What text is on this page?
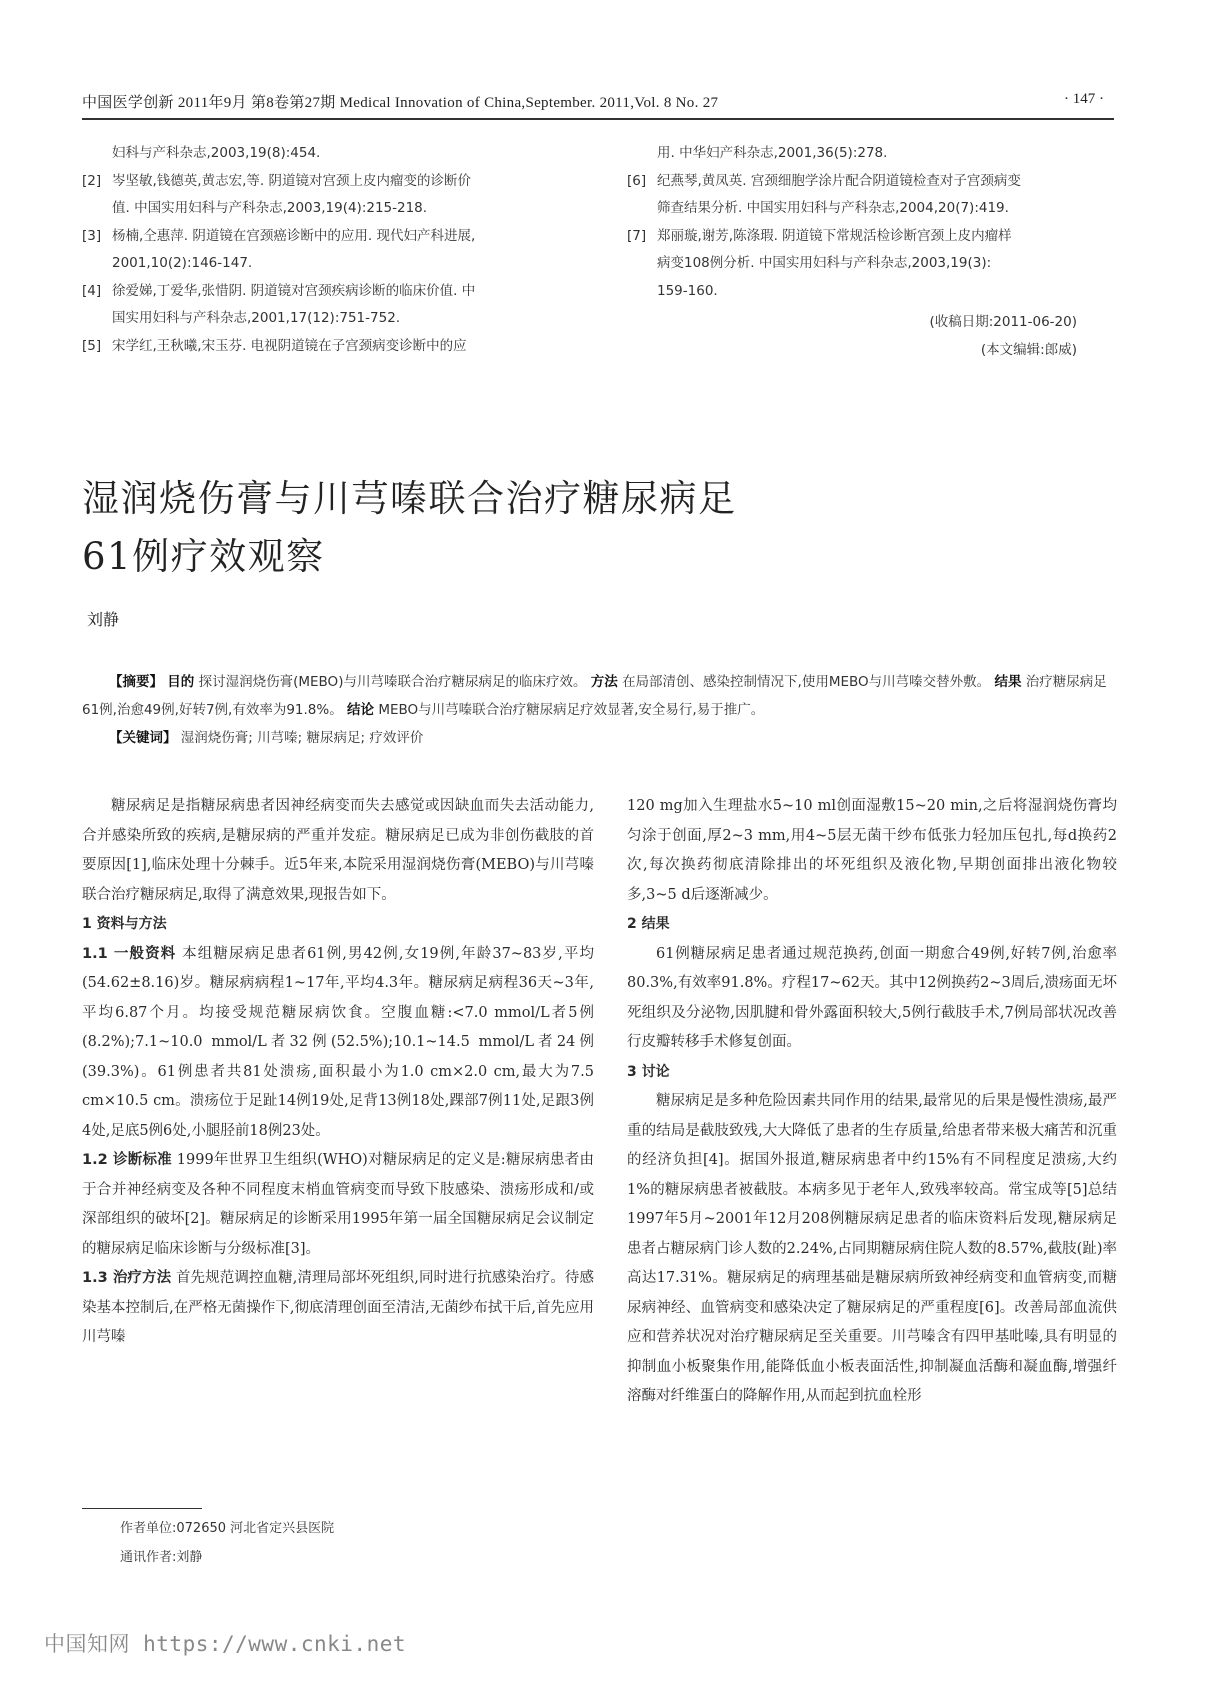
中国医学创新 2011年9月 第8卷第27期 Medical Innovation of China,September. 2011,Vol. 8 No. 27	· 147 ·
妇科与产科杂志,2003,19(8):454.
[2] 岑坚敏,钱德英,黄志宏,等. 阴道镜对宫颈上皮内瘤变的诊断价
值. 中国实用妇科与产科杂志,2003,19(4):215-218.
[3] 杨楠,仝惠萍. 阴道镜在宫颈癌诊断中的应用. 现代妇产科进展,
2001,10(2):146-147.
[4] 徐爱娣,丁爱华,张惜阴. 阴道镜对宫颈疾病诊断的临床价值. 中
国实用妇科与产科杂志,2001,17(12):751-752.
[5] 宋学红,王秋曦,宋玉芬. 电视阴道镜在子宫颈病变诊断中的应
用. 中华妇产科杂志,2001,36(5):278.
[6] 纪燕琴,黄凤英. 宫颈细胞学涂片配合阴道镜检查对子宫颈病变
筛查结果分析. 中国实用妇科与产科杂志,2004,20(7):419.
[7] 郑丽璇,谢芳,陈涤瑕. 阴道镜下常规活检诊断宫颈上皮内瘤样
病变108例分析. 中国实用妇科与产科杂志,2003,19(3):
159-160.
(收稿日期:2011-06-20)
(本文编辑:郎威)
湿润烧伤膏与川芎嗪联合治疗糖尿病足
61例疗效观察
刘静

【摘要】 目的 探讨湿润烧伤膏(MEBO)与川芎嗪联合治疗糖尿病足的临床疗效。 方法 在局部清创、感染控制情况下,使用MEBO与川芎嗪交替外敷。 结果 治疗糖尿病足61例,治愈49例,好转7例,有效率为91.8%。 结论 MEBO与川芎嗪联合治疗糖尿病足疗效显著,安全易行,易于推广。

【关键词】 湿润烧伤膏; 川芎嗪; 糖尿病足; 疗效评价

糖尿病足是指糖尿病患者因神经病变而失去感觉或因缺血而失去活动能力,合并感染所致的疾病,是糖尿病的严重并发症。糖尿病足已成为非创伤截肢的首要原因[1],临床处理十分棘手。近5年来,本院采用湿润烧伤膏(MEBO)与川芎嗪联合治疗糖尿病足,取得了满意效果,现报告如下。

1 资料与方法

1.1 一般资料 本组糖尿病足患者61例,男42例,女19例,年龄37~83岁,平均(54.62±8.16)岁。糖尿病病程1~17年,平均4.3年。糖尿病足病程36天~3年,平均6.87个月。均接受规范糖尿病饮食。空腹血糖:<7.0 mmol/L者5例(8.2%);7.1~10.0 mmol/L者32例(52.5%);10.1~14.5 mmol/L者24例(39.3%)。61例患者共81处溃疡,面积最小为1.0 cm×2.0 cm,最大为7.5 cm×10.5 cm。溃疡位于足趾14例19处,足背13例18处,踝部7例11处,足跟3例4处,足底5例6处,小腿胫前18例23处。

1.2 诊断标准 1999年世界卫生组织(WHO)对糖尿病足的定义是:糖尿病患者由于合并神经病变及各种不同程度末梢血管病变而导致下肢感染、溃疡形成和/或深部组织的破坏[2]。糖尿病足的诊断采用1995年第一届全国糖尿病足会议制定的糖尿病足临床诊断与分级标准[3]。

1.3 治疗方法 首先规范调控血糖,清理局部坏死组织,同时进行抗感染治疗。待感染基本控制后,在严格无菌操作下,彻底清理创面至清洁,无菌纱布拭干后,首先应用川芎嗪

120 mg加入生理盐水5~10 ml创面湿敷15~20 min,之后将湿润烧伤膏均匀涂于创面,厚2~3 mm,用4~5层无菌干纱布低张力轻加压包扎,每d换药2次,每次换药彻底清除排出的坏死组织及液化物,早期创面排出液化物较多,3~5 d后逐渐减少。

2 结果

61例糖尿病足患者通过规范换药,创面一期愈合49例,好转7例,治愈率80.3%,有效率91.8%。疗程17~62天。其中12例换药2~3周后,溃疡面无坏死组织及分泌物,因肌腱和骨外露面积较大,5例行截肢手术,7例局部状况改善行皮瓣转移手术修复创面。

3 讨论

糖尿病足是多种危险因素共同作用的结果,最常见的后果是慢性溃疡,最严重的结局是截肢致残,大大降低了患者的生存质量,给患者带来极大痛苦和沉重的经济负担[4]。据国外报道,糖尿病患者中约15%有不同程度足溃疡,大约1%的糖尿病患者被截肢。本病多见于老年人,致残率较高。常宝成等[5]总结1997年5月~2001年12月208例糖尿病足患者的临床资料后发现,糖尿病足患者占糖尿病门诊人数的2.24%,占同期糖尿病住院人数的8.57%,截肢(趾)率高达17.31%。糖尿病足的病理基础是糖尿病所致神经病变和血管病变,而糖尿病神经、血管病变和感染决定了糖尿病足的严重程度[6]。改善局部血流供应和营养状况对治疗糖尿病足至关重要。川芎嗪含有四甲基吡嗪,具有明显的抑制血小板聚集作用,能降低血小板表面活性,抑制凝血活酶和凝血酶,增强纤溶酶对纤维蛋白的降解作用,从而起到抗血栓形

作者单位:072650 河北省定兴县医院
通讯作者:刘静
中国知网 https://www.cnki.net
